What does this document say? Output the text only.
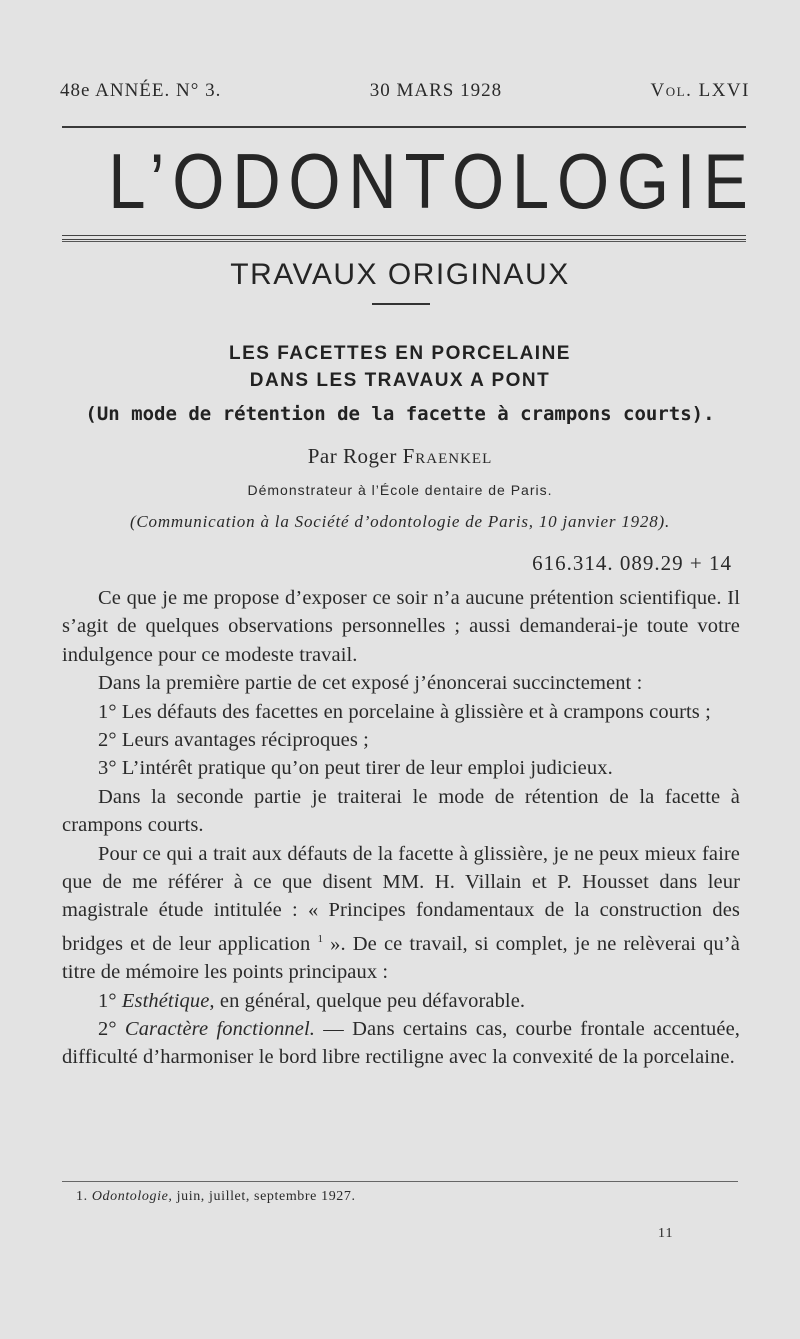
48e ANNÉE. N° 3.	30 MARS 1928	Vol. LXVI
L’ODONTOLOGIE
TRAVAUX ORIGINAUX
LES FACETTES EN PORCELAINE
DANS LES TRAVAUX A PONT
(Un mode de rétention de la facette à crampons courts).
Par Roger Fraenkel
Démonstrateur à l’École dentaire de Paris.
(Communication à la Société d’odontologie de Paris, 10 janvier 1928).
616.314. 089.29 + 14

Ce que je me propose d’exposer ce soir n’a aucune prétention scientifique. Il s’agit de quelques observations personnelles ; aussi demanderai-je toute votre indulgence pour ce modeste travail.

Dans la première partie de cet exposé j’énoncerai succinctement :

1° Les défauts des facettes en porcelaine à glissière et à crampons courts ;

2° Leurs avantages réciproques ;

3° L’intérêt pratique qu’on peut tirer de leur emploi judicieux.

Dans la seconde partie je traiterai le mode de rétention de la facette à crampons courts.

Pour ce qui a trait aux défauts de la facette à glissière, je ne peux mieux faire que de me référer à ce que disent MM. H. Villain et P. Housset dans leur magistrale étude intitulée : « Principes fondamentaux de la construction des bridges et de leur application $^1$ ». De ce travail, si complet, je ne relèverai qu’à titre de mémoire les points principaux :

1° Esthétique, en général, quelque peu défavorable.

2° Caractère fonctionnel. — Dans certains cas, courbe frontale accentuée, difficulté d’harmoniser le bord libre rectiligne avec la convexité de la porcelaine.

1. Odontologie, juin, juillet, septembre 1927.
11
